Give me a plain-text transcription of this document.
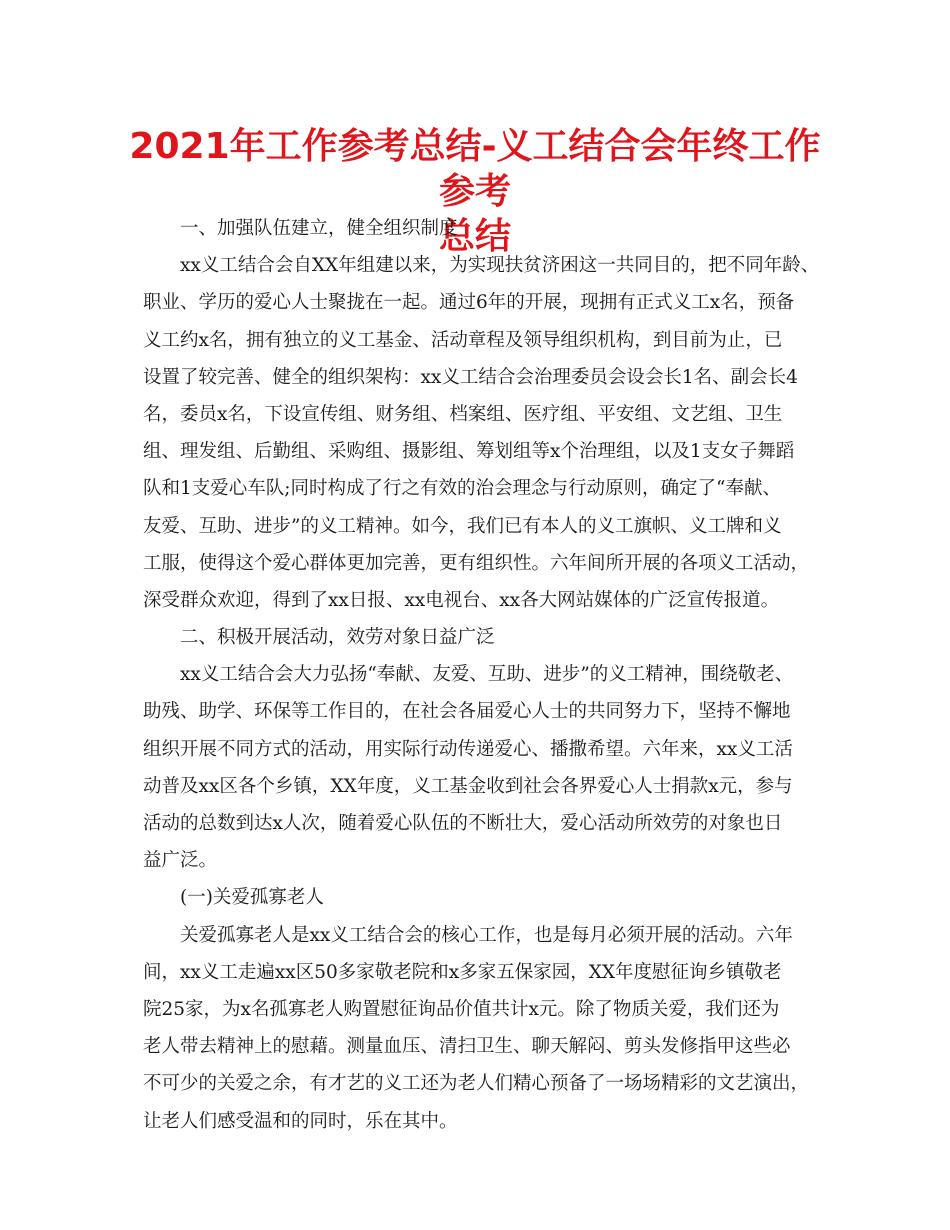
2021年工作参考总结-义工结合会年终工作参考
总结
一、加强队伍建立，健全组织制度
xx义工结合会自XX年组建以来，为实现扶贫济困这一共同目的，把不同年龄、
职业、学历的爱心人士聚拢在一起。通过6年的开展，现拥有正式义工x名，预备
义工约x名，拥有独立的义工基金、活动章程及领导组织机构，到目前为止，已
设置了较完善、健全的组织架构：xx义工结合会治理委员会设会长1名、副会长4
名，委员x名，下设宣传组、财务组、档案组、医疗组、平安组、文艺组、卫生
组、理发组、后勤组、采购组、摄影组、筹划组等x个治理组，以及1支女子舞蹈
队和1支爱心车队;同时构成了行之有效的治会理念与行动原则，确定了“奉献、
友爱、互助、进步”的义工精神。如今，我们已有本人的义工旗帜、义工牌和义
工服，使得这个爱心群体更加完善，更有组织性。六年间所开展的各项义工活动，
深受群众欢迎，得到了xx日报、xx电视台、xx各大网站媒体的广泛宣传报道。
二、积极开展活动，效劳对象日益广泛
xx义工结合会大力弘扬“奉献、友爱、互助、进步”的义工精神，围绕敬老、
助残、助学、环保等工作目的，在社会各届爱心人士的共同努力下，坚持不懈地
组织开展不同方式的活动，用实际行动传递爱心、播撒希望。六年来，xx义工活
动普及xx区各个乡镇，XX年度，义工基金收到社会各界爱心人士捐款x元，参与
活动的总数到达x人次，随着爱心队伍的不断壮大，爱心活动所效劳的对象也日
益广泛。
(一)关爱孤寡老人
关爱孤寡老人是xx义工结合会的核心工作，也是每月必须开展的活动。六年
间，xx义工走遍xx区50多家敬老院和x多家五保家园，XX年度慰征询乡镇敬老
院25家，为x名孤寡老人购置慰征询品价值共计x元。除了物质关爱，我们还为
老人带去精神上的慰藉。测量血压、清扫卫生、聊天解闷、剪头发修指甲这些必
不可少的关爱之余，有才艺的义工还为老人们精心预备了一场场精彩的文艺演出，
让老人们感受温和的同时，乐在其中。
